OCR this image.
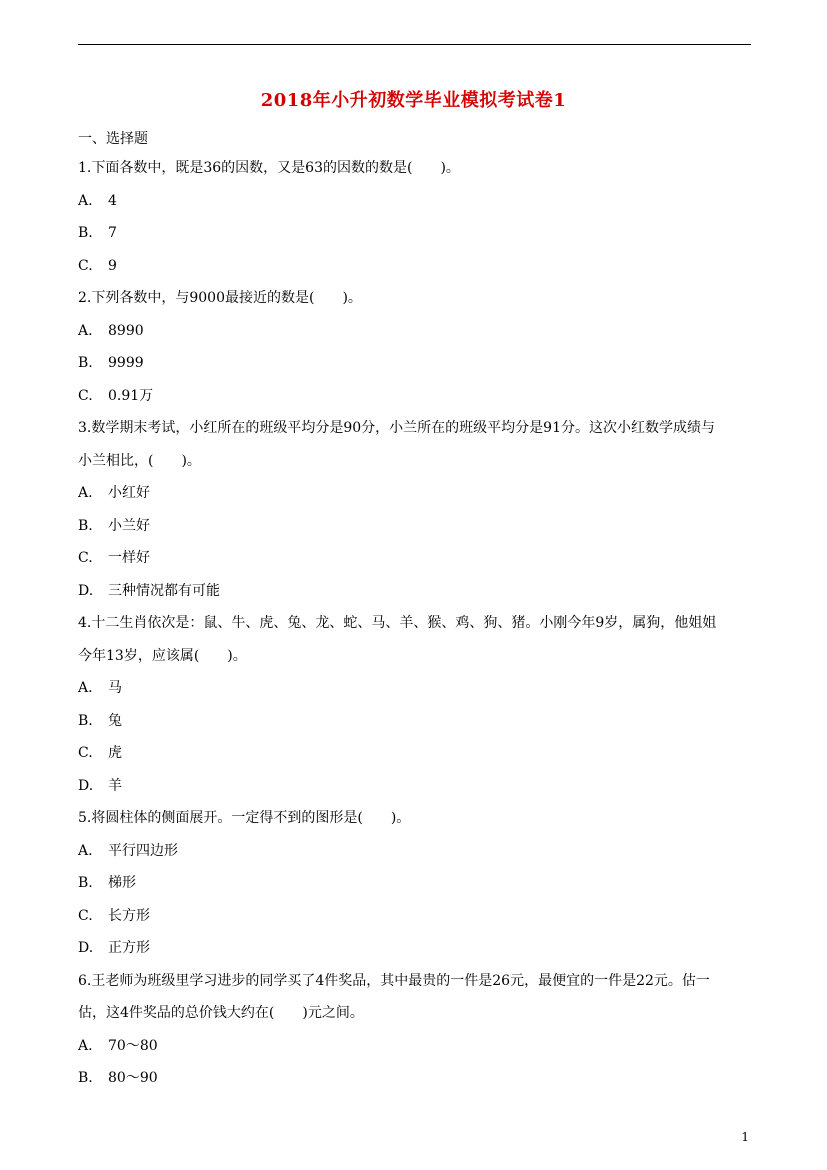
2018年小升初数学毕业模拟考试卷1
一、选择题
1.下面各数中，既是36的因数，又是63的因数的数是(　　)。
A. 4
B. 7
C. 9
2.下列各数中，与9000最接近的数是(　　)。
A. 8990
B. 9999
C. 0.91万
3.数学期末考试，小红所在的班级平均分是90分，小兰所在的班级平均分是91分。这次小红数学成绩与
小兰相比，(　　)。
A. 小红好
B. 小兰好
C. 一样好
D. 三种情况都有可能
4.十二生肖依次是：鼠、牛、虎、兔、龙、蛇、马、羊、猴、鸡、狗、猪。小刚今年9岁，属狗，他姐姐
今年13岁，应该属(　　)。
A. 马
B. 兔
C. 虎
D. 羊
5.将圆柱体的侧面展开。一定得不到的图形是(　　)。
A. 平行四边形
B. 梯形
C. 长方形
D. 正方形
6.王老师为班级里学习进步的同学买了4件奖品，其中最贵的一件是26元，最便宜的一件是22元。估一
估，这4件奖品的总价钱大约在(　　)元之间。
A. 70～80
B. 80～90
1
